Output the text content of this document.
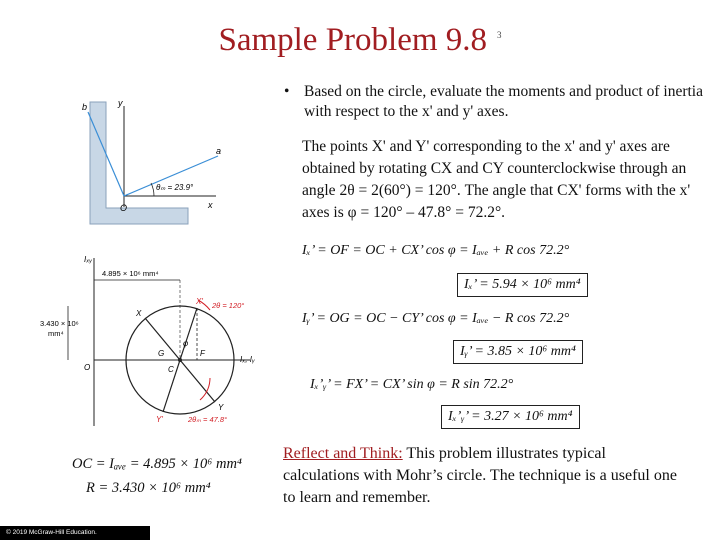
Sample Problem 9.8 $^3$
• Based on the circle, evaluate the moments and product of inertia with respect to the x' and y' axes.
The points X' and Y' corresponding to the x' and y' axes are obtained by rotating CX and CY counterclockwise through an angle 2θ = 2(60°) = 120°. The angle that CX' forms with the x' axes is φ = 120° – 47.8° = 72.2°.
Iₓ’ = OF = OC + CX’ cos φ = Iₐᵥₑ + R cos 72.2°
Iₓ’ = 5.94 × 10⁶ mm⁴
Iᵧ’ = OG = OC − CY’ cos φ = Iₐᵥₑ − R cos 72.2°
Iᵧ’ = 3.85 × 10⁶ mm⁴
Iₓ’ᵧ’ = FX’ = CX’ sin φ = R sin 72.2°
Iₓ’ᵧ’ = 3.27 × 10⁶ mm⁴
Reflect and Think: This problem illustrates typical calculations with Mohr’s circle. The technique is a useful one to learn and remember.
OC = Iₐᵥₑ = 4.895 × 10⁶ mm⁴
R = 3.430 × 10⁶ mm⁴
b	y
a
O	x
θₘ = 23.9°
Iₓᵧ
Iₓ, Iᵧ
4.895 × 10⁶ mm⁴
3.430 × 10⁶
mm⁴
2θ = 120°
2θₘ = 47.8°
O	C
X
Y
X'
Y'
F
G
φ
© 2019 McGraw-Hill Education.
